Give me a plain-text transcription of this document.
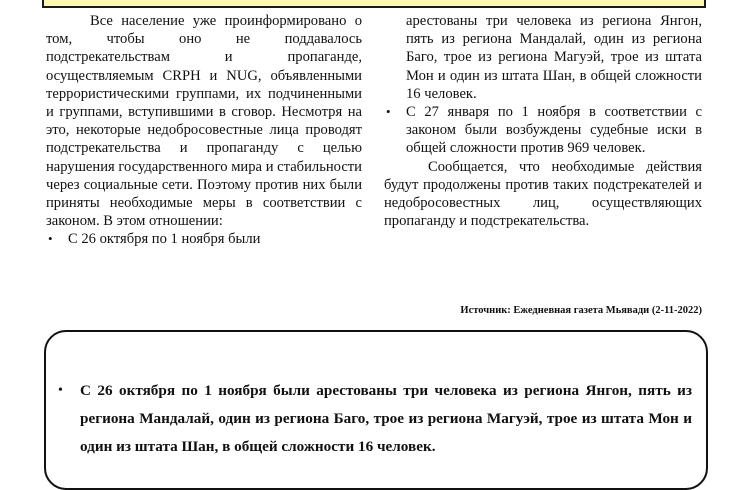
Все население уже проинформировано о том, чтобы оно не поддавалось подстрекательствам и пропаганде, осуществляемым CRPH и NUG, объявленными террористическими группами, их подчиненными и группами, вступившими в сговор. Несмотря на это, некоторые недобросовестные лица проводят подстрекательства и пропаганду с целью нарушения государственного мира и стабильности через социальные сети. Поэтому против них были приняты необходимые меры в соответствии с законом. В этом отношении:

• С 26 октября по 1 ноября были

арестованы три человека из региона Янгон, пять из региона Мандалай, один из региона Баго, трое из региона Магуэй, трое из штата Мон и один из штата Шан, в общей сложности 16 человек.

• С 27 января по 1 ноября в соответствии с законом были возбуждены судебные иски в общей сложности против 969 человек.

Сообщается, что необходимые действия будут продолжены против таких подстрекателей и недобросовестных лиц, осуществляющих пропаганду и подстрекательства.

Источник: Ежедневная газета Мьявади (2-11-2022)
• С 26 октября по 1 ноября были арестованы три человека из региона Янгон, пять из региона Мандалай, один из региона Баго, трое из региона Магуэй, трое из штата Мон и один из штата Шан, в общей сложности 16 человек.
